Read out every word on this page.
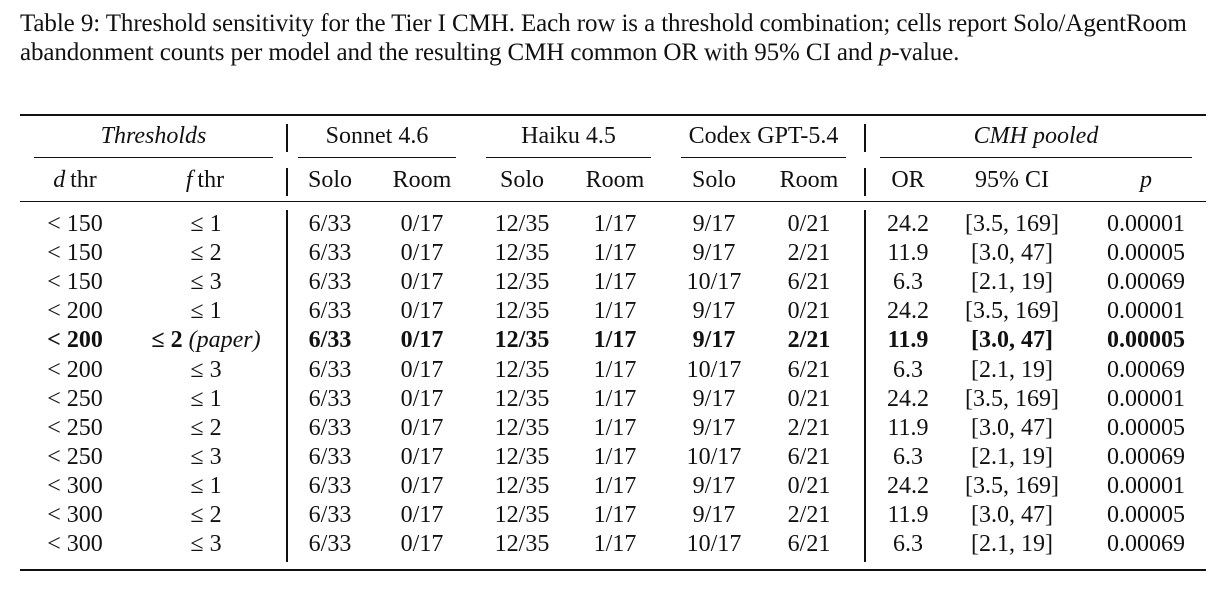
Table 9: Threshold sensitivity for the Tier I CMH. Each row is a threshold combination; cells report Solo/AgentRoom abandonment counts per model and the resulting CMH common OR with 95% CI and p-value.
Thresholds	Sonnet 4.6	Haiku 4.5	Codex GPT-5.4	CMH pooled
d  thr	f  thr	Solo	Room	Solo	Room	Solo	Room	OR	95% CI	p
< 150	≤ 1	6/33	0/17	12/35	1/17	9/17	0/21	24.2	[3.5, 169]	0.00001
< 150	≤ 2	6/33	0/17	12/35	1/17	9/17	2/21	11.9	[3.0, 47]	0.00005
< 150	≤ 3	6/33	0/17	12/35	1/17	10/17	6/21	6.3	[2.1, 19]	0.00069
< 200	≤ 1	6/33	0/17	12/35	1/17	9/17	0/21	24.2	[3.5, 169]	0.00001
< 200	≤ 2 (paper)	6/33	0/17	12/35	1/17	9/17	2/21	11.9	[3.0, 47]	0.00005
< 200	≤ 3	6/33	0/17	12/35	1/17	10/17	6/21	6.3	[2.1, 19]	0.00069
< 250	≤ 1	6/33	0/17	12/35	1/17	9/17	0/21	24.2	[3.5, 169]	0.00001
< 250	≤ 2	6/33	0/17	12/35	1/17	9/17	2/21	11.9	[3.0, 47]	0.00005
< 250	≤ 3	6/33	0/17	12/35	1/17	10/17	6/21	6.3	[2.1, 19]	0.00069
< 300	≤ 1	6/33	0/17	12/35	1/17	9/17	0/21	24.2	[3.5, 169]	0.00001
< 300	≤ 2	6/33	0/17	12/35	1/17	9/17	2/21	11.9	[3.0, 47]	0.00005
< 300	≤ 3	6/33	0/17	12/35	1/17	10/17	6/21	6.3	[2.1, 19]	0.00069
